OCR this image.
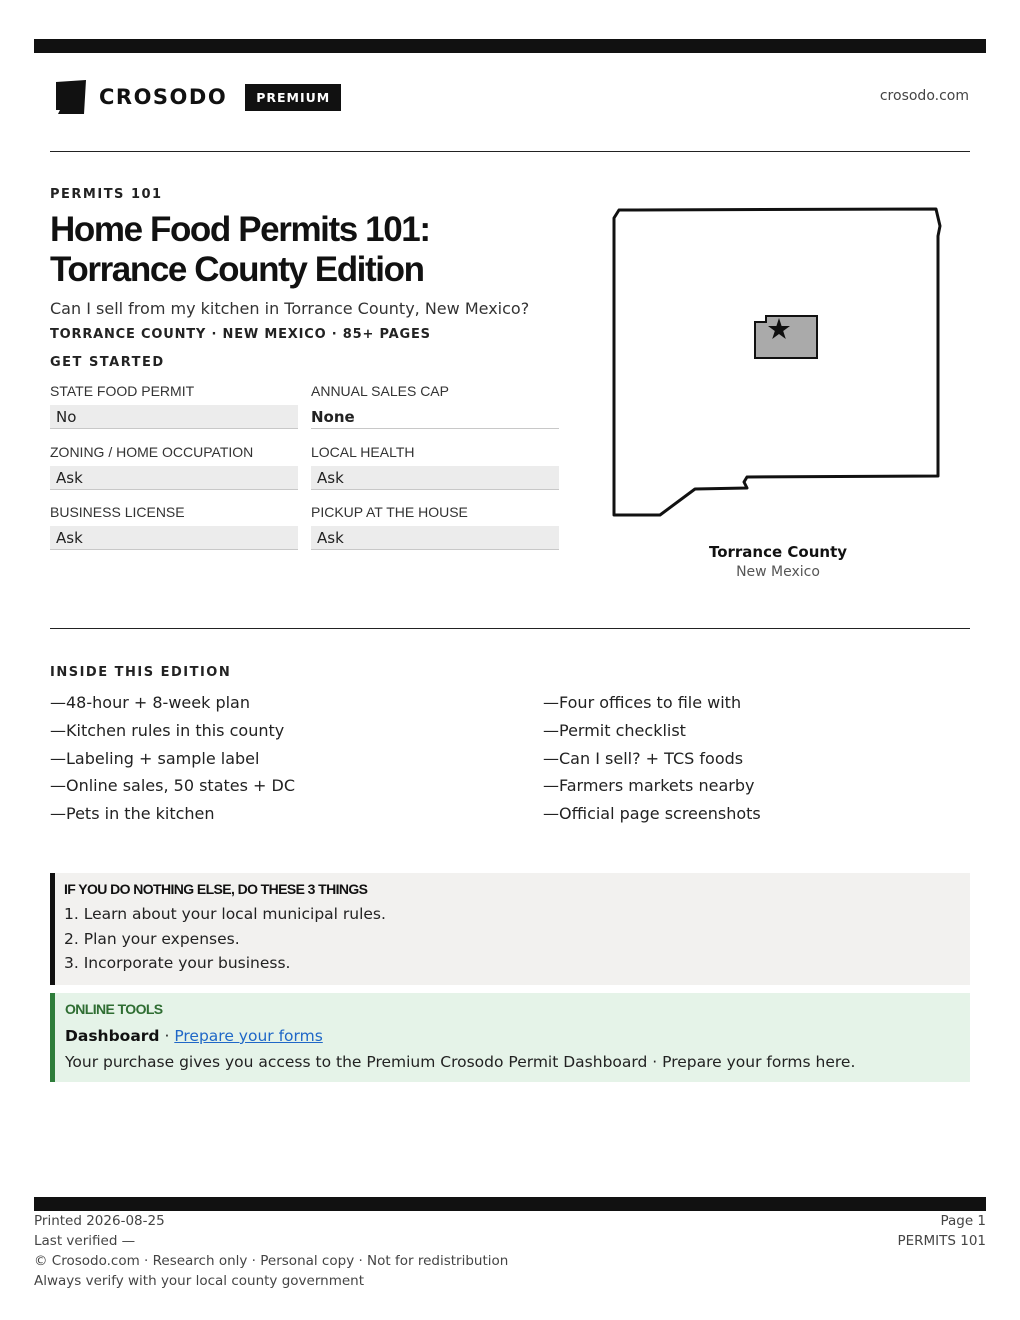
CROSODO	PREMIUM	crosodo.com
PERMITS 101
Home Food Permits 101:
Torrance County Edition
Can I sell from my kitchen in Torrance County, New Mexico?
TORRANCE COUNTY · NEW MEXICO · 85+ PAGES
GET STARTED
STATE FOOD PERMIT
No
ANNUAL SALES CAP
None
ZONING / HOME OCCUPATION
Ask
LOCAL HEALTH
Ask
BUSINESS LICENSE
Ask
PICKUP AT THE HOUSE
Ask
Torrance County
New Mexico
INSIDE THIS EDITION
—48-hour + 8-week plan
—Kitchen rules in this county
—Labeling + sample label
—Online sales, 50 states + DC
—Pets in the kitchen
—Four offices to file with
—Permit checklist
—Can I sell? + TCS foods
—Farmers markets nearby
—Official page screenshots
IF YOU DO NOTHING ELSE, DO THESE 3 THINGS
1. Learn about your local municipal rules.
2. Plan your expenses.
3. Incorporate your business.
ONLINE TOOLS
Dashboard · Prepare your forms
Your purchase gives you access to the Premium Crosodo Permit Dashboard · Prepare your forms here.
Printed 2026-08-25
Last verified —
© Crosodo.com · Research only · Personal copy · Not for redistribution
Always verify with your local county government
Page 1
PERMITS 101
